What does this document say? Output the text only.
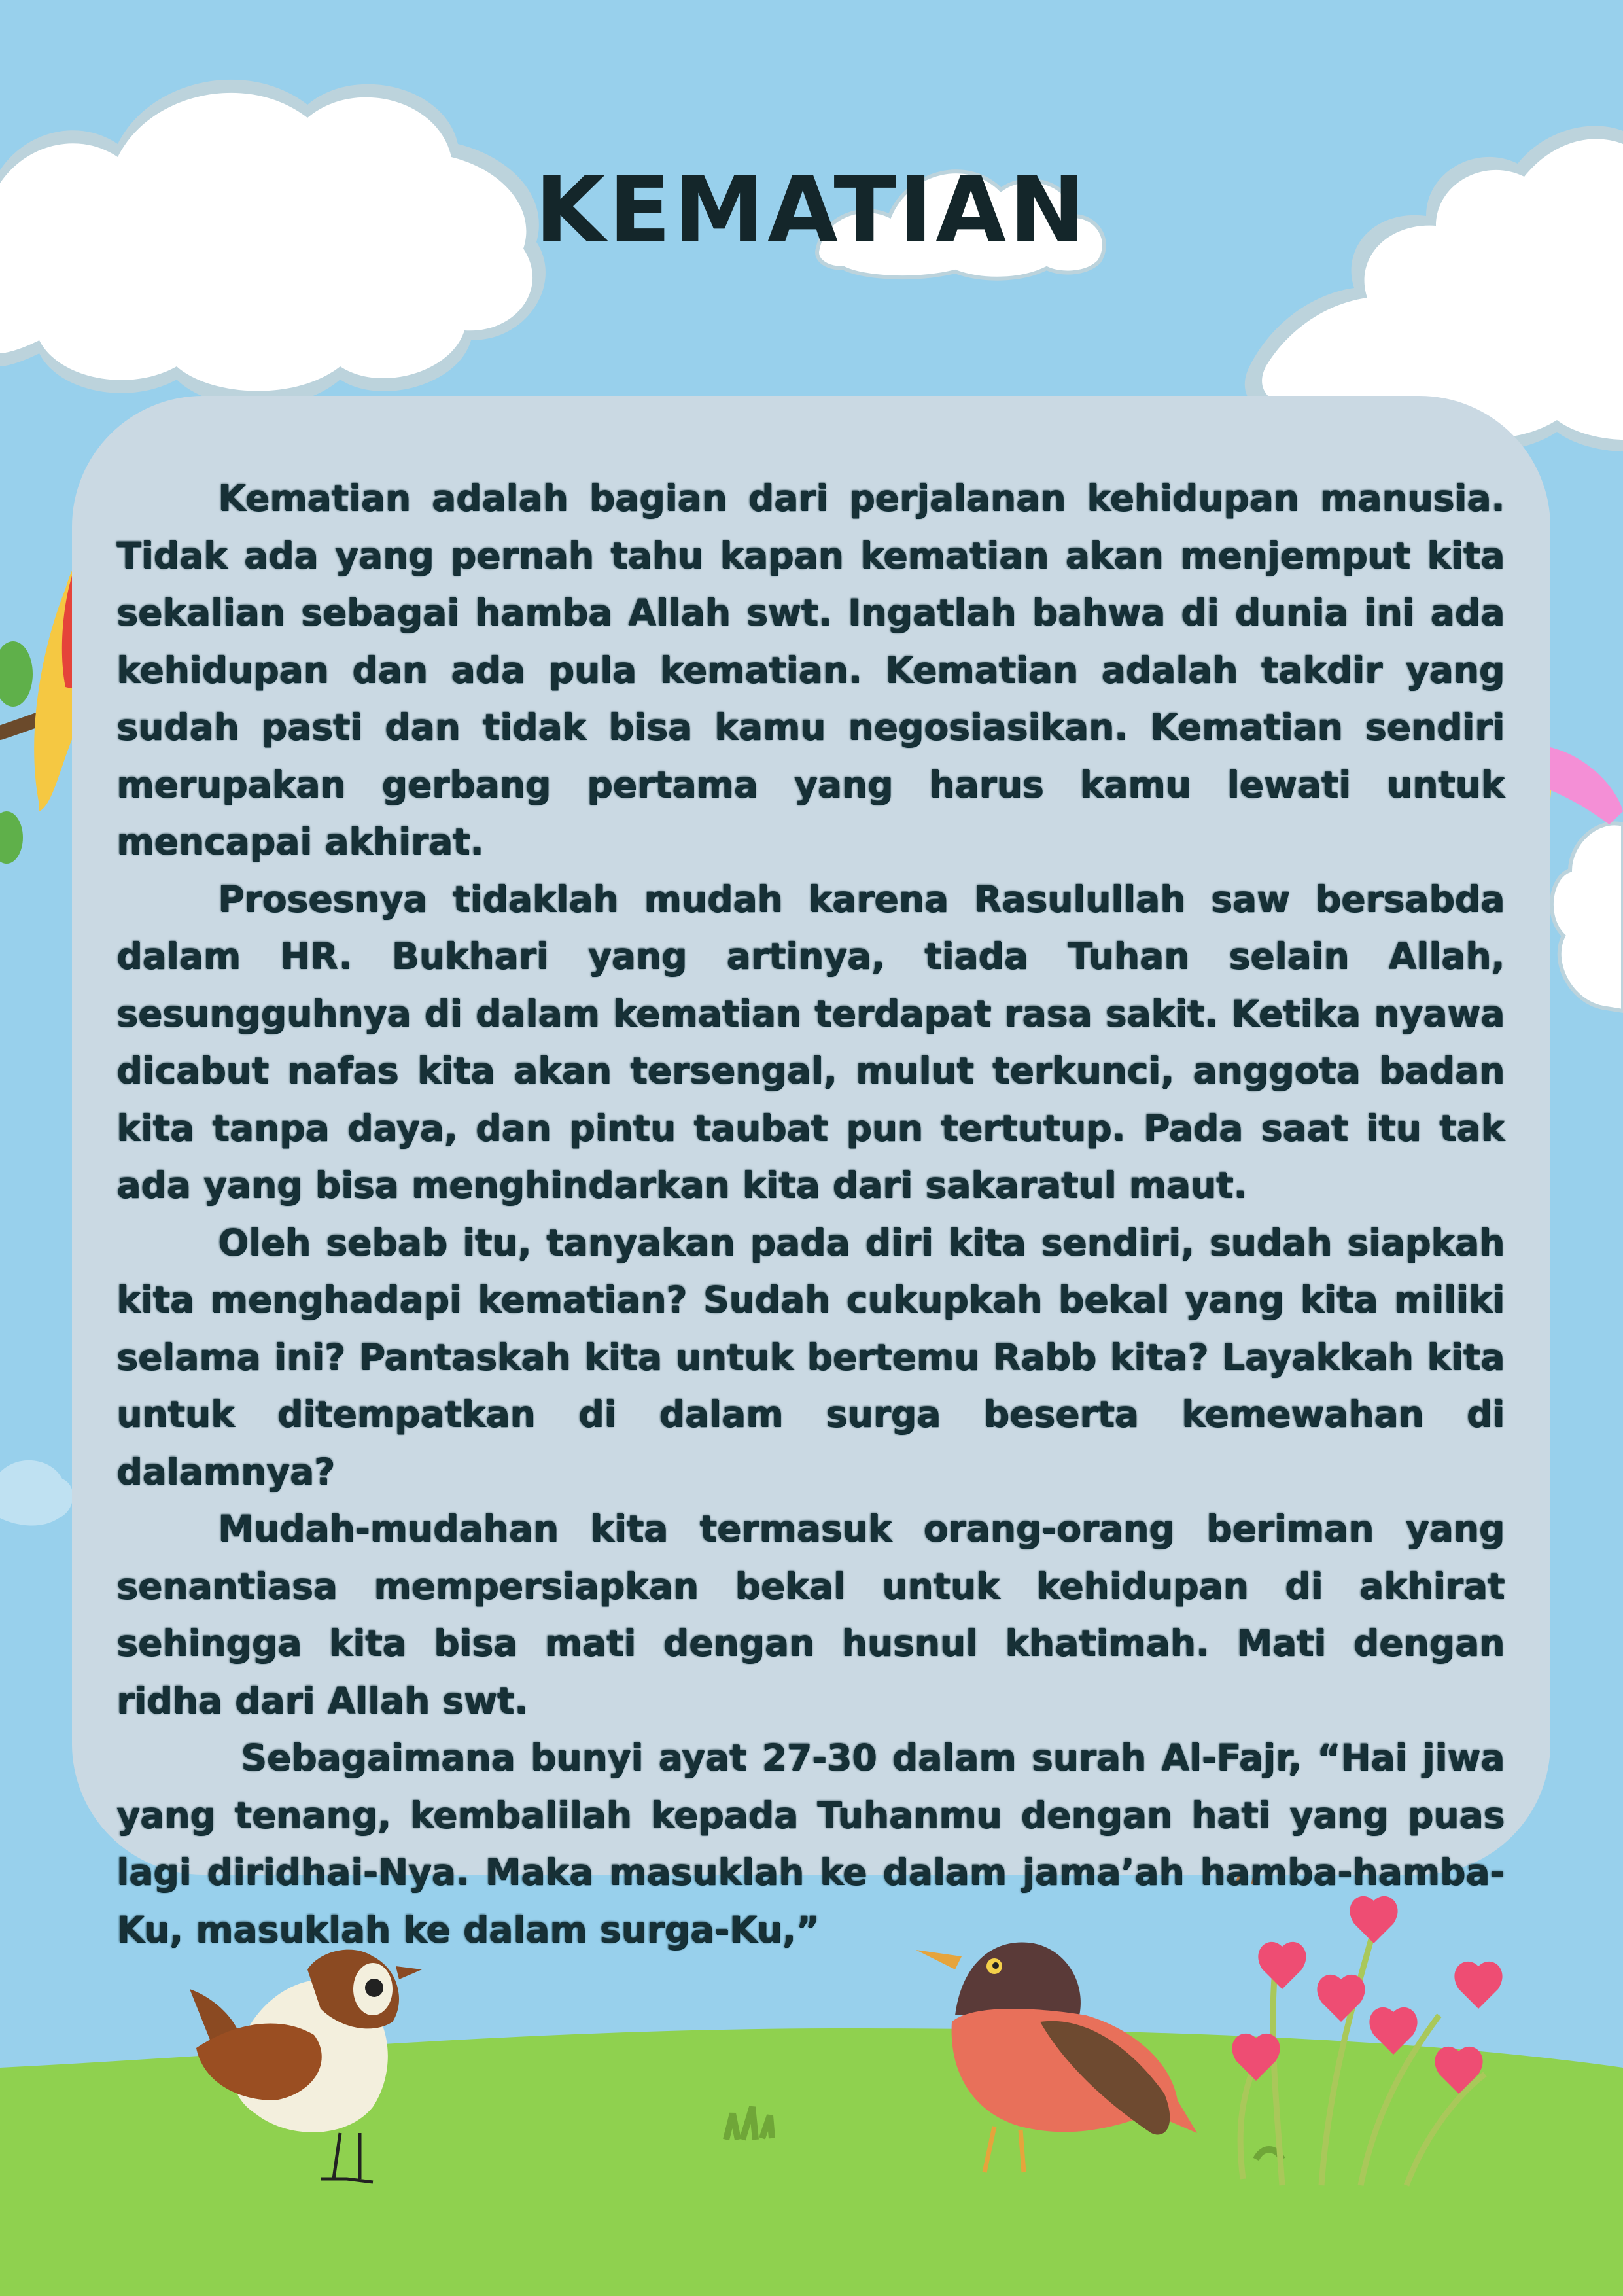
KEMATIAN

Kematian adalah bagian dari perjalanan kehidupan manusia. Tidak ada yang pernah tahu kapan kematian akan menjemput kita sekalian sebagai hamba Allah swt. Ingatlah bahwa di dunia ini ada kehidupan dan ada pula kematian. Kematian adalah takdir yang sudah pasti dan tidak bisa kamu negosiasikan. Kematian sendiri merupakan gerbang pertama yang harus kamu lewati untuk mencapai akhirat.

Prosesnya tidaklah mudah karena Rasulullah saw bersabda dalam HR. Bukhari yang artinya, tiada Tuhan selain Allah, sesungguhnya di dalam kematian terdapat rasa sakit. Ketika nyawa dicabut nafas kita akan tersengal, mulut terkunci, anggota badan kita tanpa daya, dan pintu taubat pun tertutup. Pada saat itu tak ada yang bisa menghindarkan kita dari sakaratul maut.

Oleh sebab itu, tanyakan pada diri kita sendiri, sudah siapkah kita menghadapi kematian? Sudah cukupkah bekal yang kita miliki selama ini? Pantaskah kita untuk bertemu Rabb kita? Layakkah kita untuk ditempatkan di dalam surga beserta kemewahan di dalamnya?

Mudah-mudahan kita termasuk orang-orang beriman yang senantiasa mempersiapkan bekal untuk kehidupan di akhirat sehingga kita bisa mati dengan husnul khatimah. Mati dengan ridha dari Allah swt.

Sebagaimana bunyi ayat 27-30 dalam surah Al-Fajr, “Hai jiwa yang tenang, kembalilah kepada Tuhanmu dengan hati yang puas lagi diridhai-Nya. Maka masuklah ke dalam jama’ah hamba-hamba-Ku, masuklah ke dalam surga-Ku,”
